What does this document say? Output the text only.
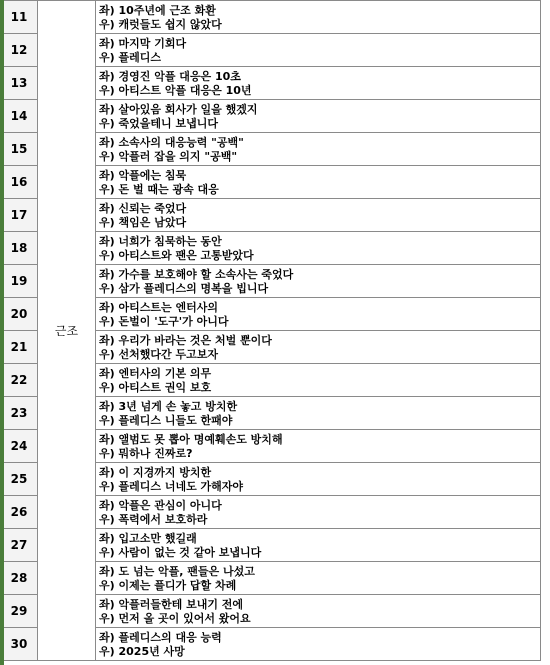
11	근조	좌) 10주년에 근조 화환
우) 캐럿들도 쉽지 않았다	

12		좌) 마지막 기회다
우) 플레디스	

13		좌) 경영진 악플 대응은 10초
우) 아티스트 악플 대응은 10년	

14		좌) 살아있음 회사가 일을 했겠지
우) 죽었을테니 보냅니다	

15		좌) 소속사의 대응능력 "공백"
우) 악플러 잡을 의지 "공백"	

16		좌) 악플에는 침묵
우) 돈 벌 때는 광속 대응	

17		좌) 신뢰는 죽었다
우) 책임은 남았다	

18		좌) 너희가 침묵하는 동안
우) 아티스트와 팬은 고통받았다	

19		좌) 가수를 보호해야 할 소속사는 죽었다
우) 삼가 플레디스의 명복을 빕니다	

20		좌) 아티스트는 엔터사의
우) 돈벌이 '도구'가 아니다	

21		좌) 우리가 바라는 것은 처벌 뿐이다
우) 선처했다간 두고보자	

22		좌) 엔터사의 기본 의무
우) 아티스트 권익 보호	

23		좌) 3년 넘게 손 놓고 방치한
우) 플레디스 니들도 한패야	

24		좌) 앨범도 못 뽑아 명예훼손도 방치해
우) 뭐하나 진짜로?	

25		좌) 이 지경까지 방치한
우) 플레디스 너네도 가해자야	

26		좌) 악플은 관심이 아니다
우) 폭력에서 보호하라	

27		좌) 입고소만 했길래
우) 사람이 없는 것 같아 보냅니다	

28		좌) 도 넘는 악플, 팬들은 나섰고
우) 이제는 플디가 답할 차례	

29		좌) 악플러들한테 보내기 전에
우) 먼저 올 곳이 있어서 왔어요	

30		좌) 플레디스의 대응 능력
우) 2025년 사망	
